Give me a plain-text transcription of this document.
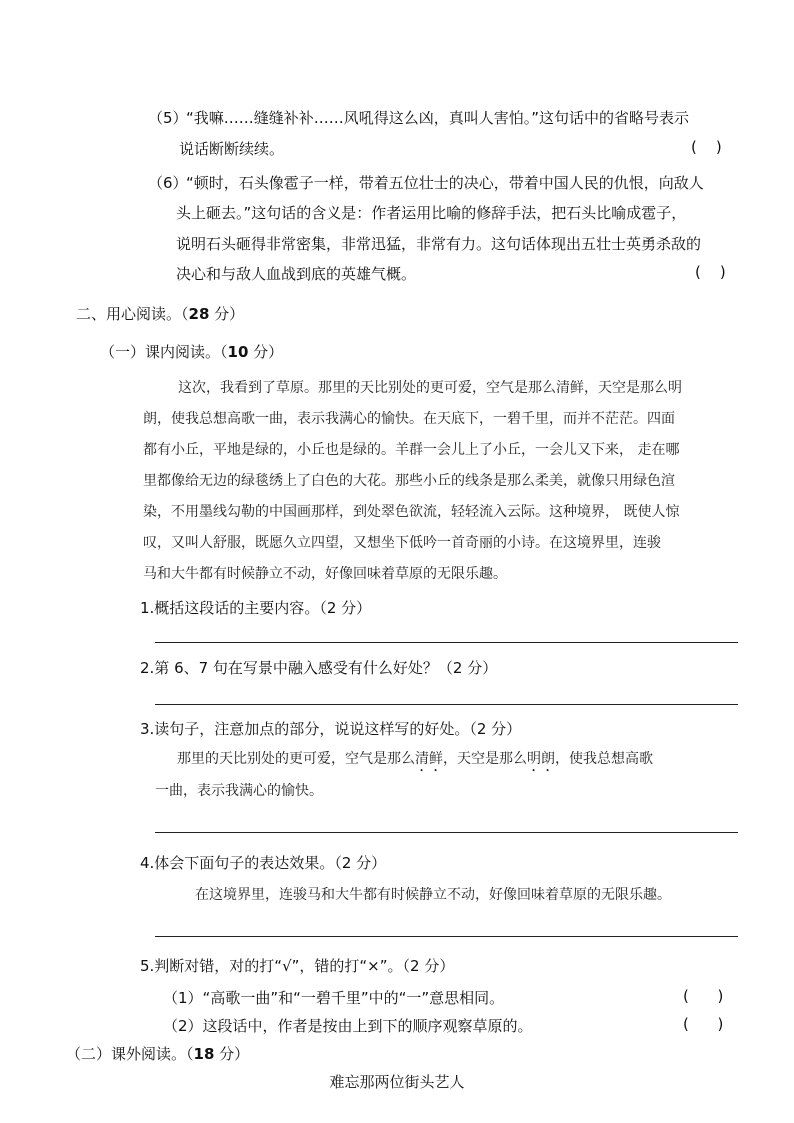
（5）
“我嘛……缝缝补补……风吼得这么凶，真叫人害怕。”这句话中的省略号表示
说话断断续续。	(    )
（6）
“顿时，石头像雹子一样，带着五位壮士的决心，带着中国人民的仇恨，向敌人
头上砸去。”这句话的含义是：作者运用比喻的修辞手法，把石头比喻成雹子，
说明石头砸得非常密集，非常迅猛，非常有力。这句话体现出五壮士英勇杀敌的
决心和与敌人血战到底的英雄气概。	(    )
二、用心阅读。（28 分）
（一）课内阅读。（10 分）
这次，我看到了草原。那里的天比别处的更可爱，空气是那么清鲜，天空是那么明
朗，使我总想高歌一曲，表示我满心的愉快。在天底下，一碧千里，而并不茫茫。四面
都有小丘，平地是绿的，小丘也是绿的。羊群一会儿上了小丘，一会儿又下来， 走在哪
里都像给无边的绿毯绣上了白色的大花。那些小丘的线条是那么柔美，就像只用绿色渲
染，不用墨线勾勒的中国画那样，到处翠色欲流，轻轻流入云际。这种境界， 既使人惊
叹，又叫人舒服，既愿久立四望，又想坐下低吟一首奇丽的小诗。在这境界里，连骏
马和大牛都有时候静立不动，好像回味着草原的无限乐趣。
1.概括这段话的主要内容。（2 分）
2.第 6、7 句在写景中融入感受有什么好处？（2 分）
3.读句子，注意加点的部分，说说这样写的好处。（2 分）
那里的天比别处的更可爱，空气是那么清鲜，天空是那么明朗，使我总想高歌
一曲，表示我满心的愉快。
4.体会下面句子的表达效果。（2 分）
在这境界里，连骏马和大牛都有时候静立不动，好像回味着草原的无限乐趣。
5.判断对错，对的打“√”，错的打“×”。（2 分）
（1）“高歌一曲”和“一碧千里”中的“一”意思相同。	(      )
（2）这段话中，作者是按由上到下的顺序观察草原的。	(      )
（二）课外阅读。（18 分）
难忘那两位街头艺人
